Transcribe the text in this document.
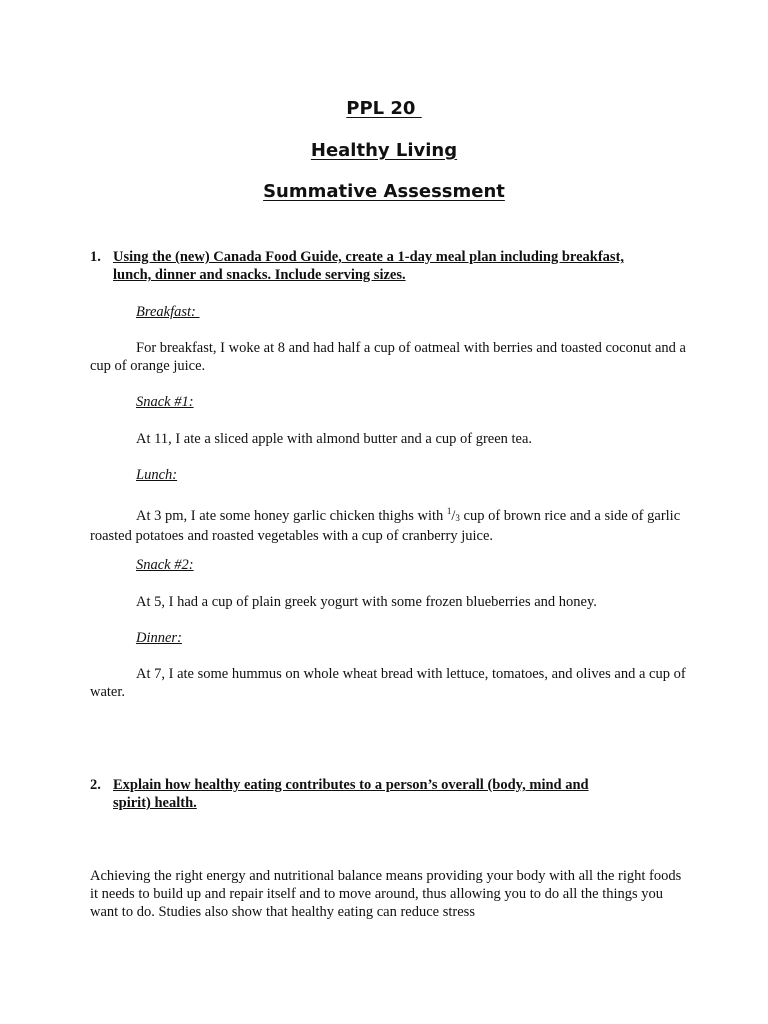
PPL 20
Healthy Living
Summative Assessment
1. Using the (new) Canada Food Guide, create a 1-day meal plan including breakfast,
lunch, dinner and snacks. Include serving sizes.
Breakfast:
For breakfast, I woke at 8 and had half a cup of oatmeal with berries and toasted coconut and a cup of orange juice.
Snack #1:
At 11, I ate a sliced apple with almond butter and a cup of green tea.
Lunch:
At 3 pm, I ate some honey garlic chicken thighs with $^1/_3$ cup of brown rice and a side of garlic roasted potatoes and roasted vegetables with a cup of cranberry juice.
Snack #2:
At 5, I had a cup of plain greek yogurt with some frozen blueberries and honey.
Dinner:
At 7, I ate some hummus on whole wheat bread with lettuce, tomatoes, and olives and a cup of water.
2. Explain how healthy eating contributes to a person’s overall (body, mind and
spirit) health.
Achieving the right energy and nutritional balance means providing your body with all the right foods it needs to build up and repair itself and to move around, thus allowing you to do all the things you want to do. Studies also show that healthy eating can reduce stress
